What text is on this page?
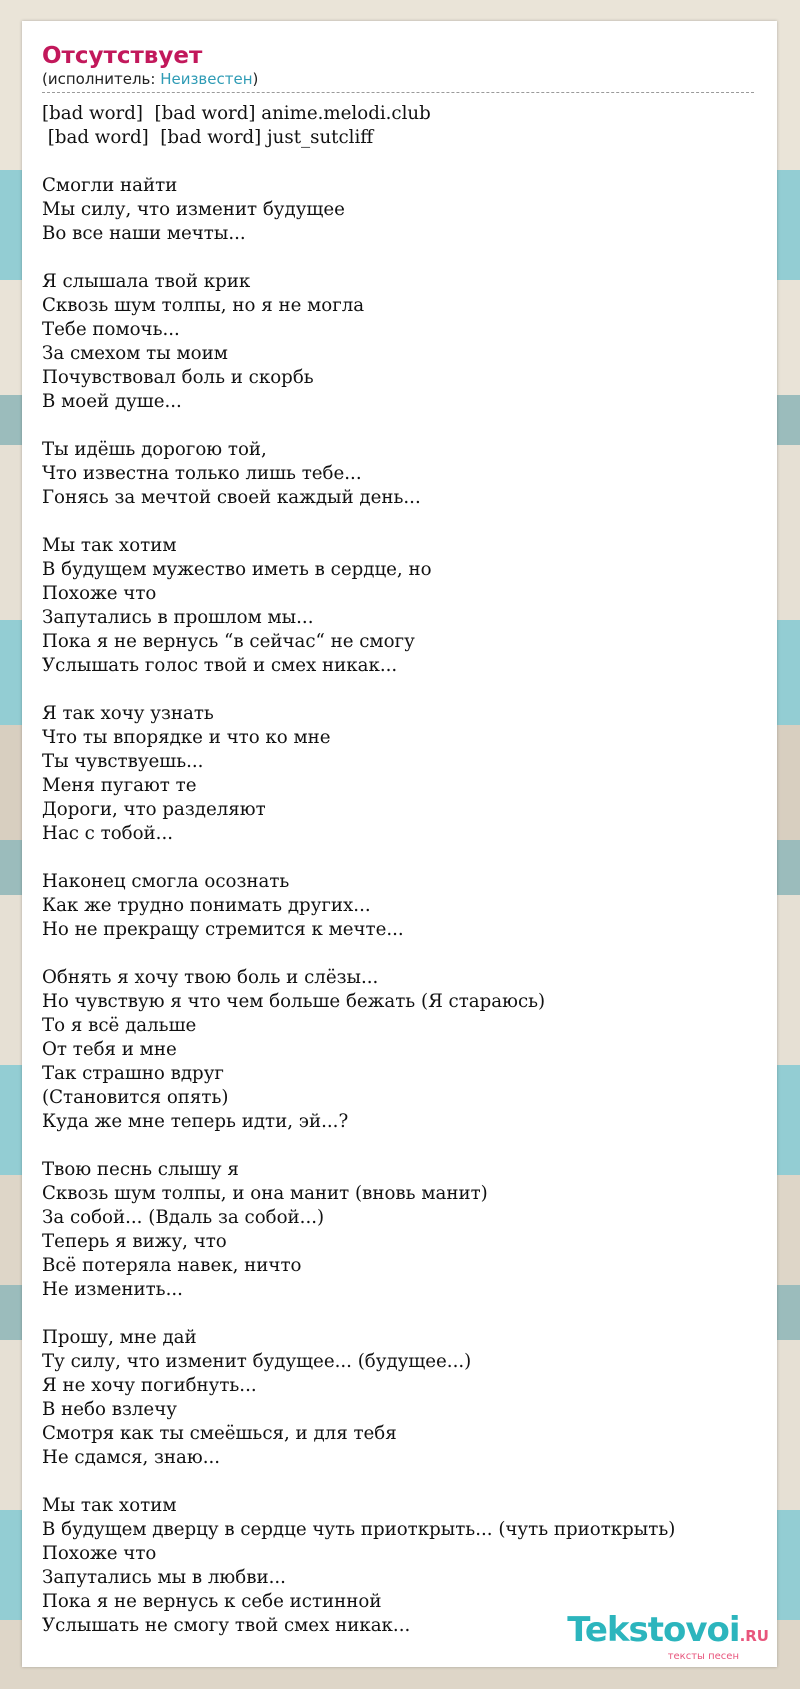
Отсутствует
(исполнитель: Неизвестен)
[bad word]  [bad word] anime.melodi.club
[bad word]  [bad word] just_sutcliff

Смогли найти
Мы силу, что изменит будущее
Во все наши мечты...

Я слышала твой крик
Сквозь шум толпы, но я не могла
Тебе помочь...
За смехом ты моим
Почувствовал боль и скорбь
В моей душе...

Ты идёшь дорогою той,
Что известна только лишь тебе...
Гонясь за мечтой своей каждый день...

Мы так хотим
В будущем мужество иметь в сердце, но
Похоже что
Запутались в прошлом мы...
Пока я не вернусь “в сейчас“ не смогу
Услышать голос твой и смех никак...

Я так хочу узнать
Что ты впорядке и что ко мне
Ты чувствуешь...
Меня пугают те
Дороги, что разделяют
Нас с тобой...

Наконец смогла осознать
Как же трудно понимать других...
Но не прекращу стремится к мечте...

Обнять я хочу твою боль и слёзы...
Но чувствую я что чем больше бежать (Я стараюсь)
То я всё дальше
От тебя и мне
Так страшно вдруг
(Становится опять)
Куда же мне теперь идти, эй...?

Твою песнь слышу я
Сквозь шум толпы, и она манит (вновь манит)
За собой... (Вдаль за собой...)
Теперь я вижу, что
Всё потеряла навек, ничто
Не изменить...

Прошу, мне дай
Ту силу, что изменит будущее... (будущее...)
Я не хочу погибнуть...
В небо взлечу
Смотря как ты смеёшься, и для тебя
Не сдамся, знаю...

Мы так хотим
В будущем дверцу в сердце чуть приоткрыть... (чуть приоткрыть)
Похоже что
Запутались мы в любви...
Пока я не вернусь к себе истинной
Услышать не смогу твой смех никак...	Tekstovoi.RU
тексты песен
